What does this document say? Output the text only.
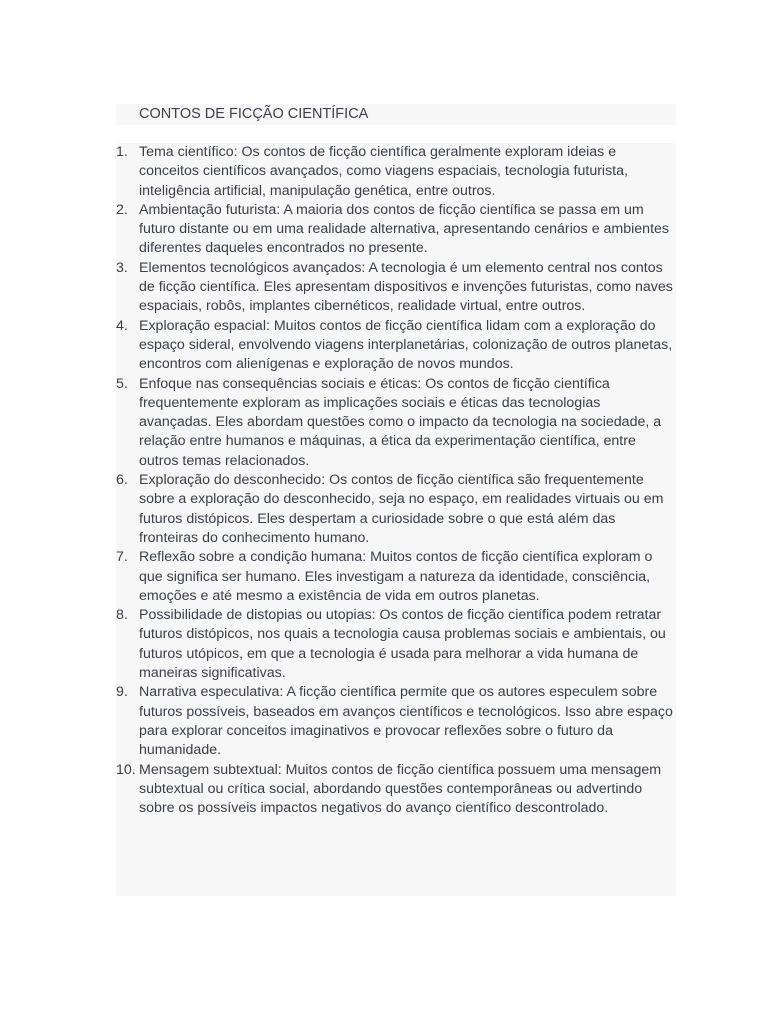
CONTOS DE FICÇÃO CIENTÍFICA
1. Tema científico: Os contos de ficção científica geralmente exploram ideias e conceitos científicos avançados, como viagens espaciais, tecnologia futurista, inteligência artificial, manipulação genética, entre outros.
2. Ambientação futurista: A maioria dos contos de ficção científica se passa em um futuro distante ou em uma realidade alternativa, apresentando cenários e ambientes diferentes daqueles encontrados no presente.
3. Elementos tecnológicos avançados: A tecnologia é um elemento central nos contos de ficção científica. Eles apresentam dispositivos e invenções futuristas, como naves espaciais, robôs, implantes cibernéticos, realidade virtual, entre outros.
4. Exploração espacial: Muitos contos de ficção científica lidam com a exploração do espaço sideral, envolvendo viagens interplanetárias, colonização de outros planetas, encontros com alienígenas e exploração de novos mundos.
5. Enfoque nas consequências sociais e éticas: Os contos de ficção científica frequentemente exploram as implicações sociais e éticas das tecnologias avançadas. Eles abordam questões como o impacto da tecnologia na sociedade, a relação entre humanos e máquinas, a ética da experimentação científica, entre outros temas relacionados.
6. Exploração do desconhecido: Os contos de ficção científica são frequentemente sobre a exploração do desconhecido, seja no espaço, em realidades virtuais ou em futuros distópicos. Eles despertam a curiosidade sobre o que está além das fronteiras do conhecimento humano.
7. Reflexão sobre a condição humana: Muitos contos de ficção científica exploram o que significa ser humano. Eles investigam a natureza da identidade, consciência, emoções e até mesmo a existência de vida em outros planetas.
8. Possibilidade de distopias ou utopias: Os contos de ficção científica podem retratar futuros distópicos, nos quais a tecnologia causa problemas sociais e ambientais, ou futuros utópicos, em que a tecnologia é usada para melhorar a vida humana de maneiras significativas.
9. Narrativa especulativa: A ficção científica permite que os autores especulem sobre futuros possíveis, baseados em avanços científicos e tecnológicos. Isso abre espaço para explorar conceitos imaginativos e provocar reflexões sobre o futuro da humanidade.
10. Mensagem subtextual: Muitos contos de ficção científica possuem uma mensagem subtextual ou crítica social, abordando questões contemporâneas ou advertindo sobre os possíveis impactos negativos do avanço científico descontrolado.
